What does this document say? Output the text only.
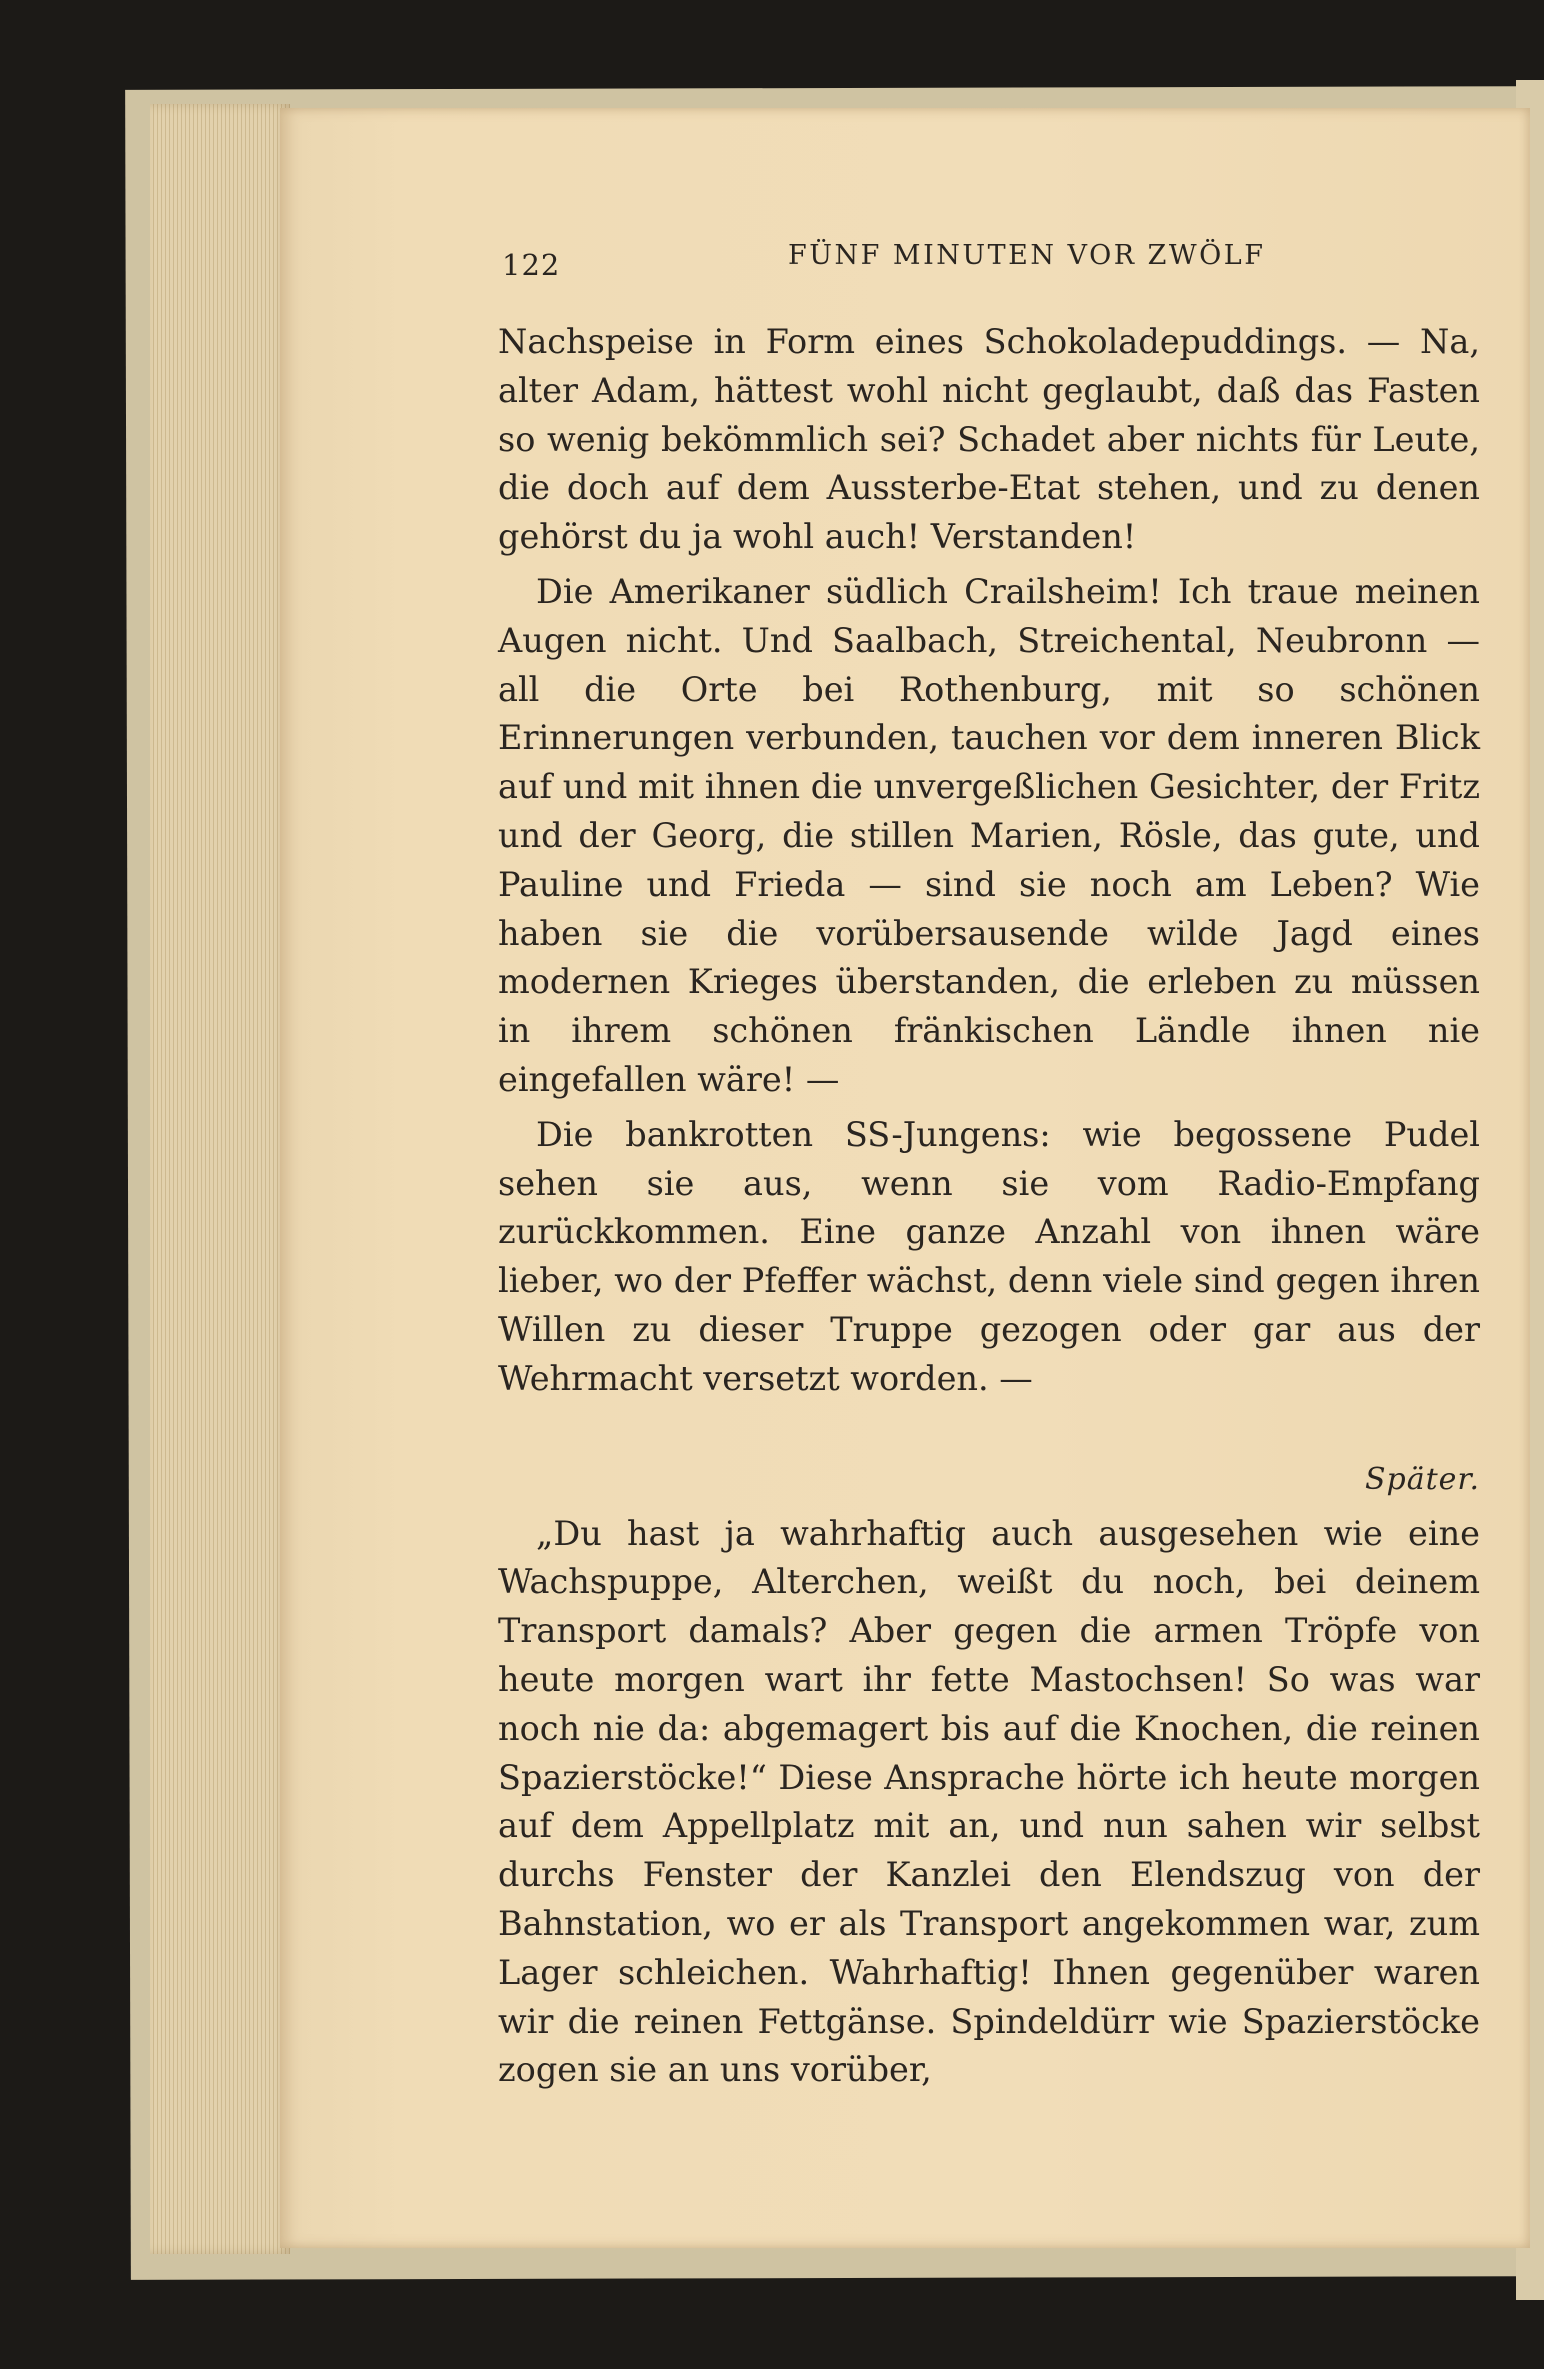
122	FÜNF MINUTEN VOR ZWÖLF

Nachspeise in Form eines Schokoladepuddings. — Na, alter Adam, hättest wohl nicht geglaubt, daß das Fasten so wenig bekömmlich sei? Schadet aber nichts für Leute, die doch auf dem Aussterbe-Etat stehen, und zu denen gehörst du ja wohl auch! Verstanden!

Die Amerikaner südlich Crailsheim! Ich traue meinen Augen nicht. Und Saalbach, Streichental, Neubronn — all die Orte bei Rothenburg, mit so schönen Erinnerungen verbunden, tauchen vor dem inneren Blick auf und mit ihnen die unvergeßlichen Gesichter, der Fritz und der Georg, die stillen Marien, Rösle, das gute, und Pauline und Frieda — sind sie noch am Leben? Wie haben sie die vorübersausende wilde Jagd eines modernen Krieges überstanden, die erleben zu müssen in ihrem schönen fränkischen Ländle ihnen nie eingefallen wäre! —

Die bankrotten SS-Jungens: wie begossene Pudel sehen sie aus, wenn sie vom Radio-Empfang zurückkommen. Eine ganze Anzahl von ihnen wäre lieber, wo der Pfeffer wächst, denn viele sind gegen ihren Willen zu dieser Truppe gezogen oder gar aus der Wehrmacht versetzt worden. —

Später.

„Du hast ja wahrhaftig auch ausgesehen wie eine Wachspuppe, Alterchen, weißt du noch, bei deinem Transport damals? Aber gegen die armen Tröpfe von heute morgen wart ihr fette Mastochsen! So was war noch nie da: abgemagert bis auf die Knochen, die reinen Spazierstöcke!“ Diese Ansprache hörte ich heute morgen auf dem Appellplatz mit an, und nun sahen wir selbst durchs Fenster der Kanzlei den Elendszug von der Bahnstation, wo er als Transport angekommen war, zum Lager schleichen. Wahrhaftig! Ihnen gegenüber waren wir die reinen Fettgänse. Spindeldürr wie Spazierstöcke zogen sie an uns vorüber,
